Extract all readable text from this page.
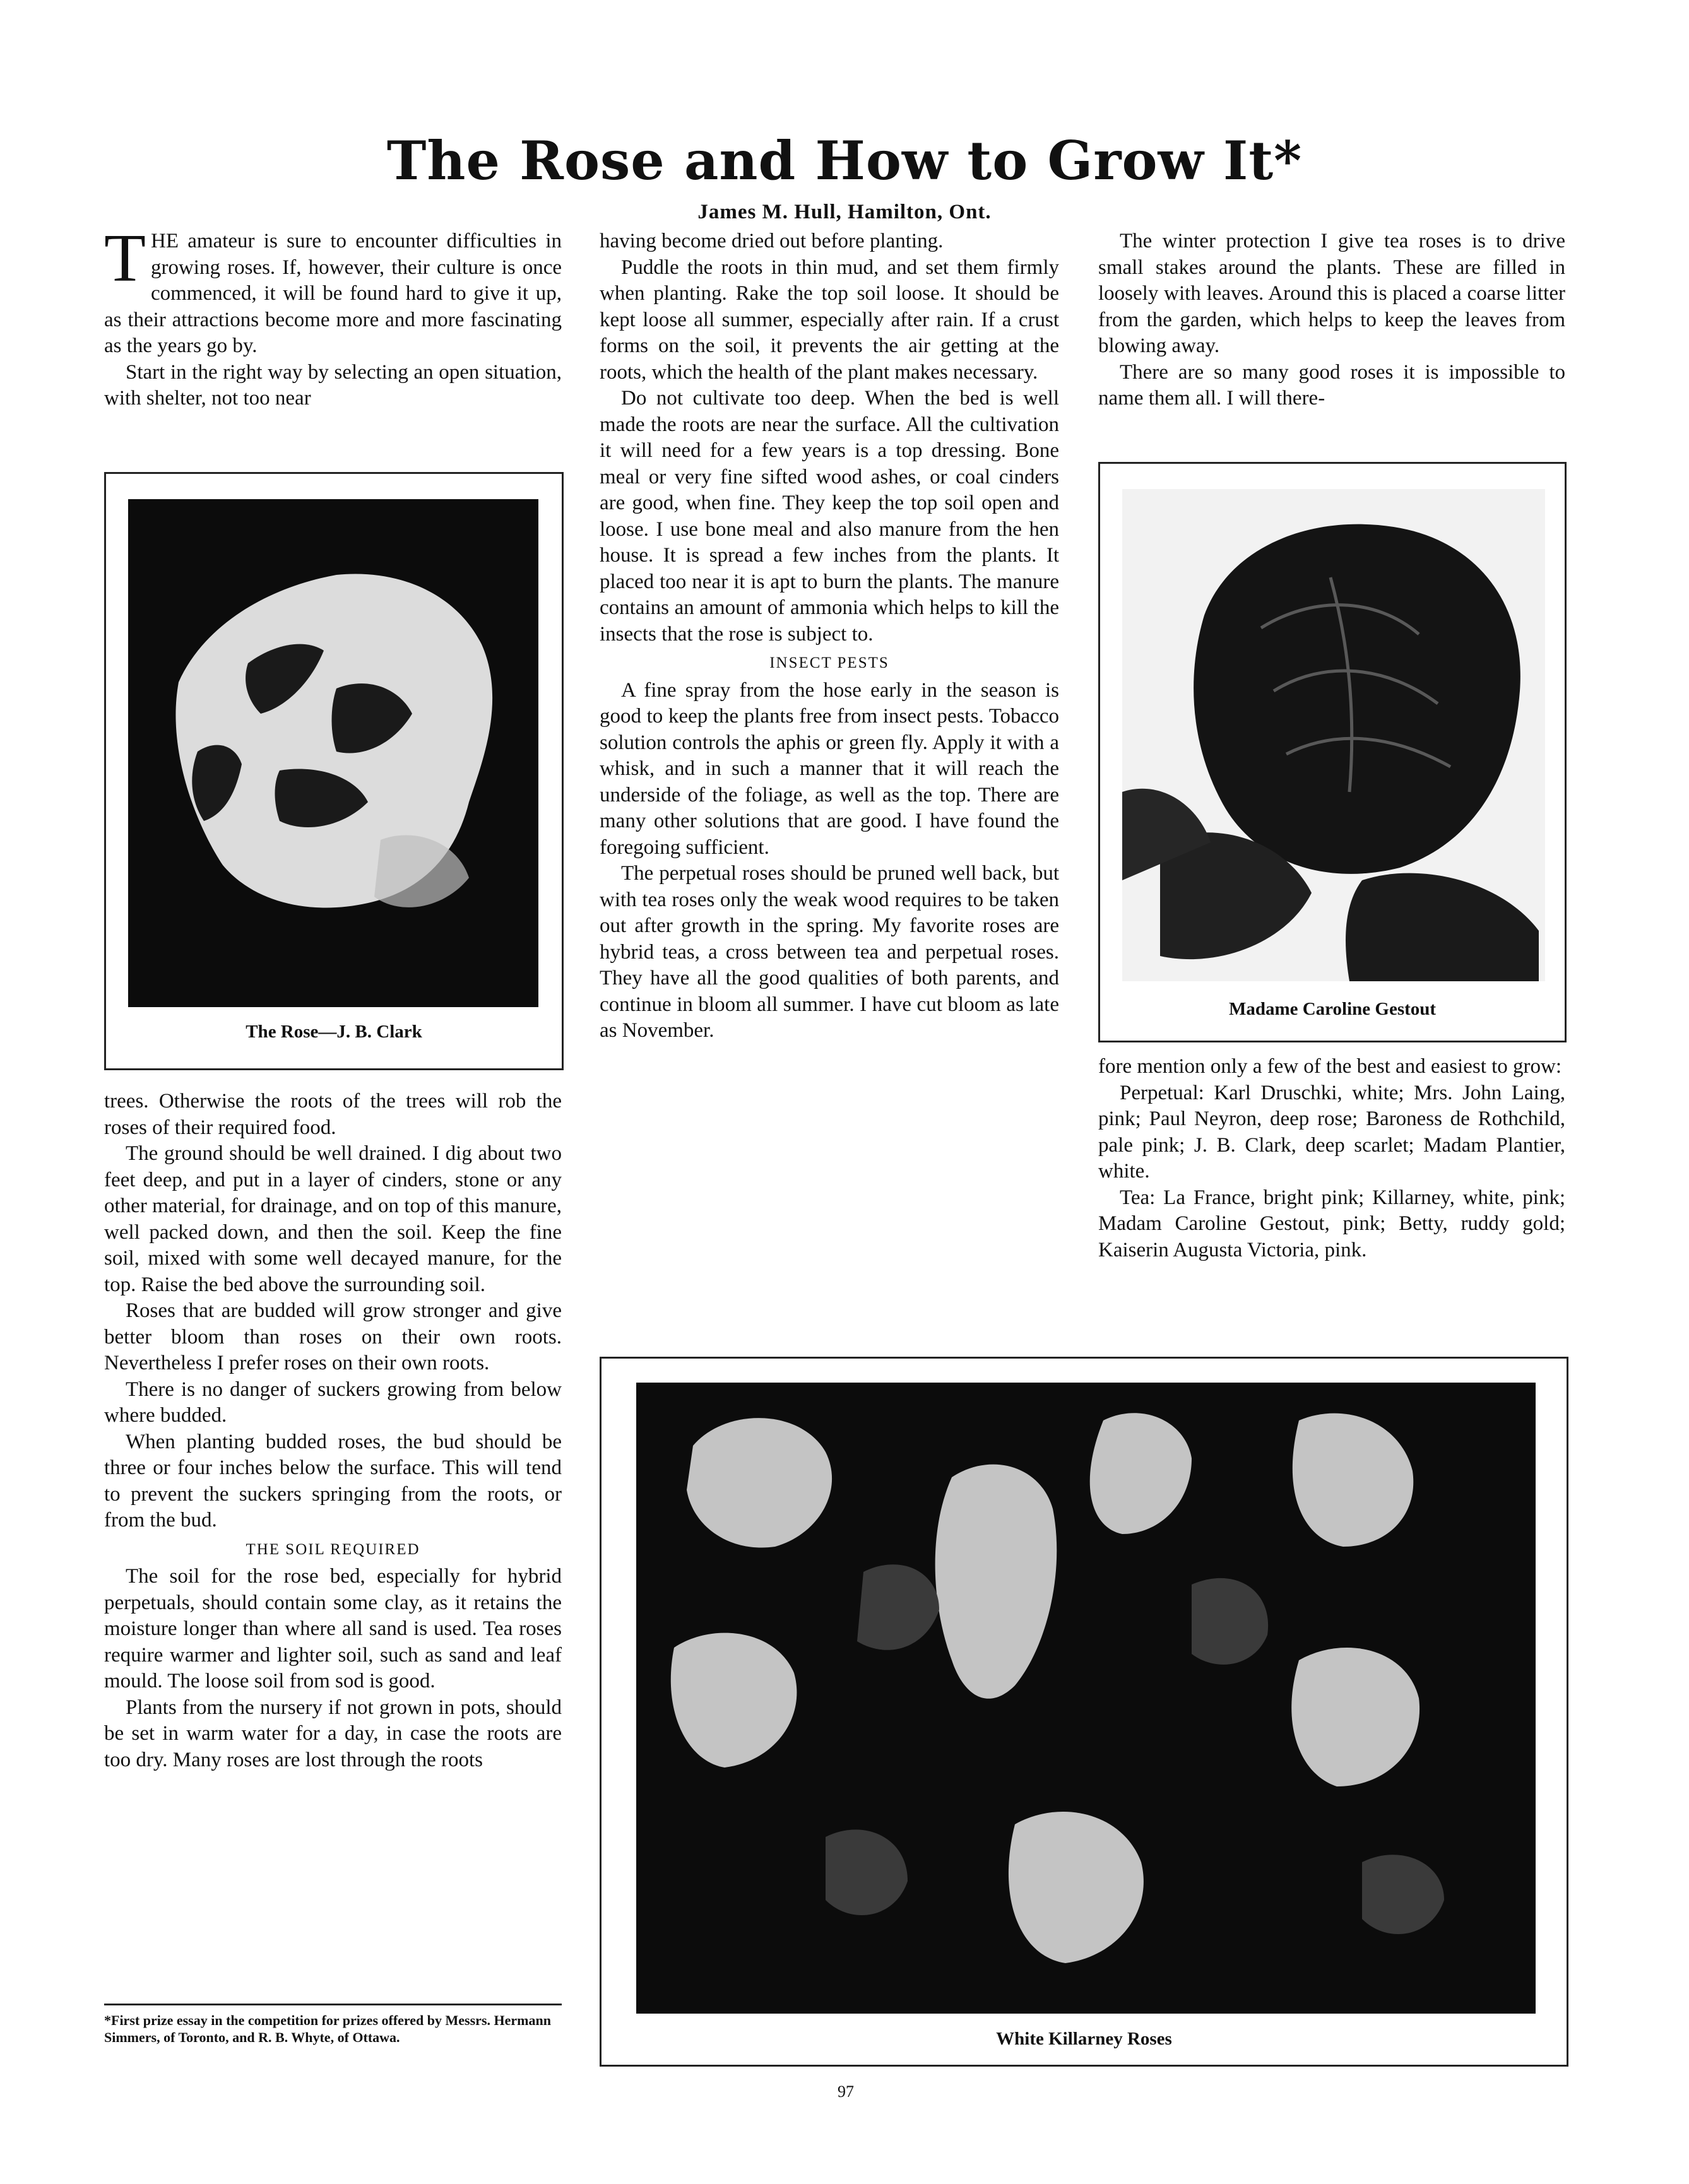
The Rose and How to Grow It*
James M. Hull, Hamilton, Ont.

THE amateur is sure to encounter difficulties in growing roses. If, however, their culture is once commenced, it will be found hard to give it up, as their attractions become more and more fascinating as the years go by.

Start in the right way by selecting an open situation, with shelter, not too near

The Rose—J. B. Clark

trees. Otherwise the roots of the trees will rob the roses of their required food.

The ground should be well drained. I dig about two feet deep, and put in a layer of cinders, stone or any other material, for drainage, and on top of this manure, well packed down, and then the soil. Keep the fine soil, mixed with some well decayed manure, for the top. Raise the bed above the surrounding soil.

Roses that are budded will grow stronger and give better bloom than roses on their own roots. Nevertheless I prefer roses on their own roots.

There is no danger of suckers growing from below where budded.

When planting budded roses, the bud should be three or four inches below the surface. This will tend to prevent the suckers springing from the roots, or from the bud.

THE SOIL REQUIRED

The soil for the rose bed, especially for hybrid perpetuals, should contain some clay, as it retains the moisture longer than where all sand is used. Tea roses require warmer and lighter soil, such as sand and leaf mould. The loose soil from sod is good.

Plants from the nursery if not grown in pots, should be set in warm water for a day, in case the roots are too dry. Many roses are lost through the roots

*First prize essay in the competition for prizes offered by Messrs. Hermann Simmers, of Toronto, and R. B. Whyte, of Ottawa.

having become dried out before planting.

Puddle the roots in thin mud, and set them firmly when planting. Rake the top soil loose. It should be kept loose all summer, especially after rain. If a crust forms on the soil, it prevents the air getting at the roots, which the health of the plant makes necessary.

Do not cultivate too deep. When the bed is well made the roots are near the surface. All the cultivation it will need for a few years is a top dressing. Bone meal or very fine sifted wood ashes, or coal cinders are good, when fine. They keep the top soil open and loose. I use bone meal and also manure from the hen house. It is spread a few inches from the plants. It placed too near it is apt to burn the plants. The manure contains an amount of ammonia which helps to kill the insects that the rose is subject to.

INSECT PESTS

A fine spray from the hose early in the season is good to keep the plants free from insect pests. Tobacco solution controls the aphis or green fly. Apply it with a whisk, and in such a manner that it will reach the underside of the foliage, as well as the top. There are many other solutions that are good. I have found the foregoing sufficient.

The perpetual roses should be pruned well back, but with tea roses only the weak wood requires to be taken out after growth in the spring. My favorite roses are hybrid teas, a cross between tea and perpetual roses. They have all the good qualities of both parents, and continue in bloom all summer. I have cut bloom as late as November.

The winter protection I give tea roses is to drive small stakes around the plants. These are filled in loosely with leaves. Around this is placed a coarse litter from the garden, which helps to keep the leaves from blowing away.

There are so many good roses it is impossible to name them all. I will there-

Madame Caroline Gestout

fore mention only a few of the best and easiest to grow:

Perpetual: Karl Druschki, white; Mrs. John Laing, pink; Paul Neyron, deep rose; Baroness de Rothchild, pale pink; J. B. Clark, deep scarlet; Madam Plantier, white.

Tea: La France, bright pink; Killarney, white, pink; Madam Caroline Gestout, pink; Betty, ruddy gold; Kaiserin Augusta Victoria, pink.

White Killarney Roses
97
